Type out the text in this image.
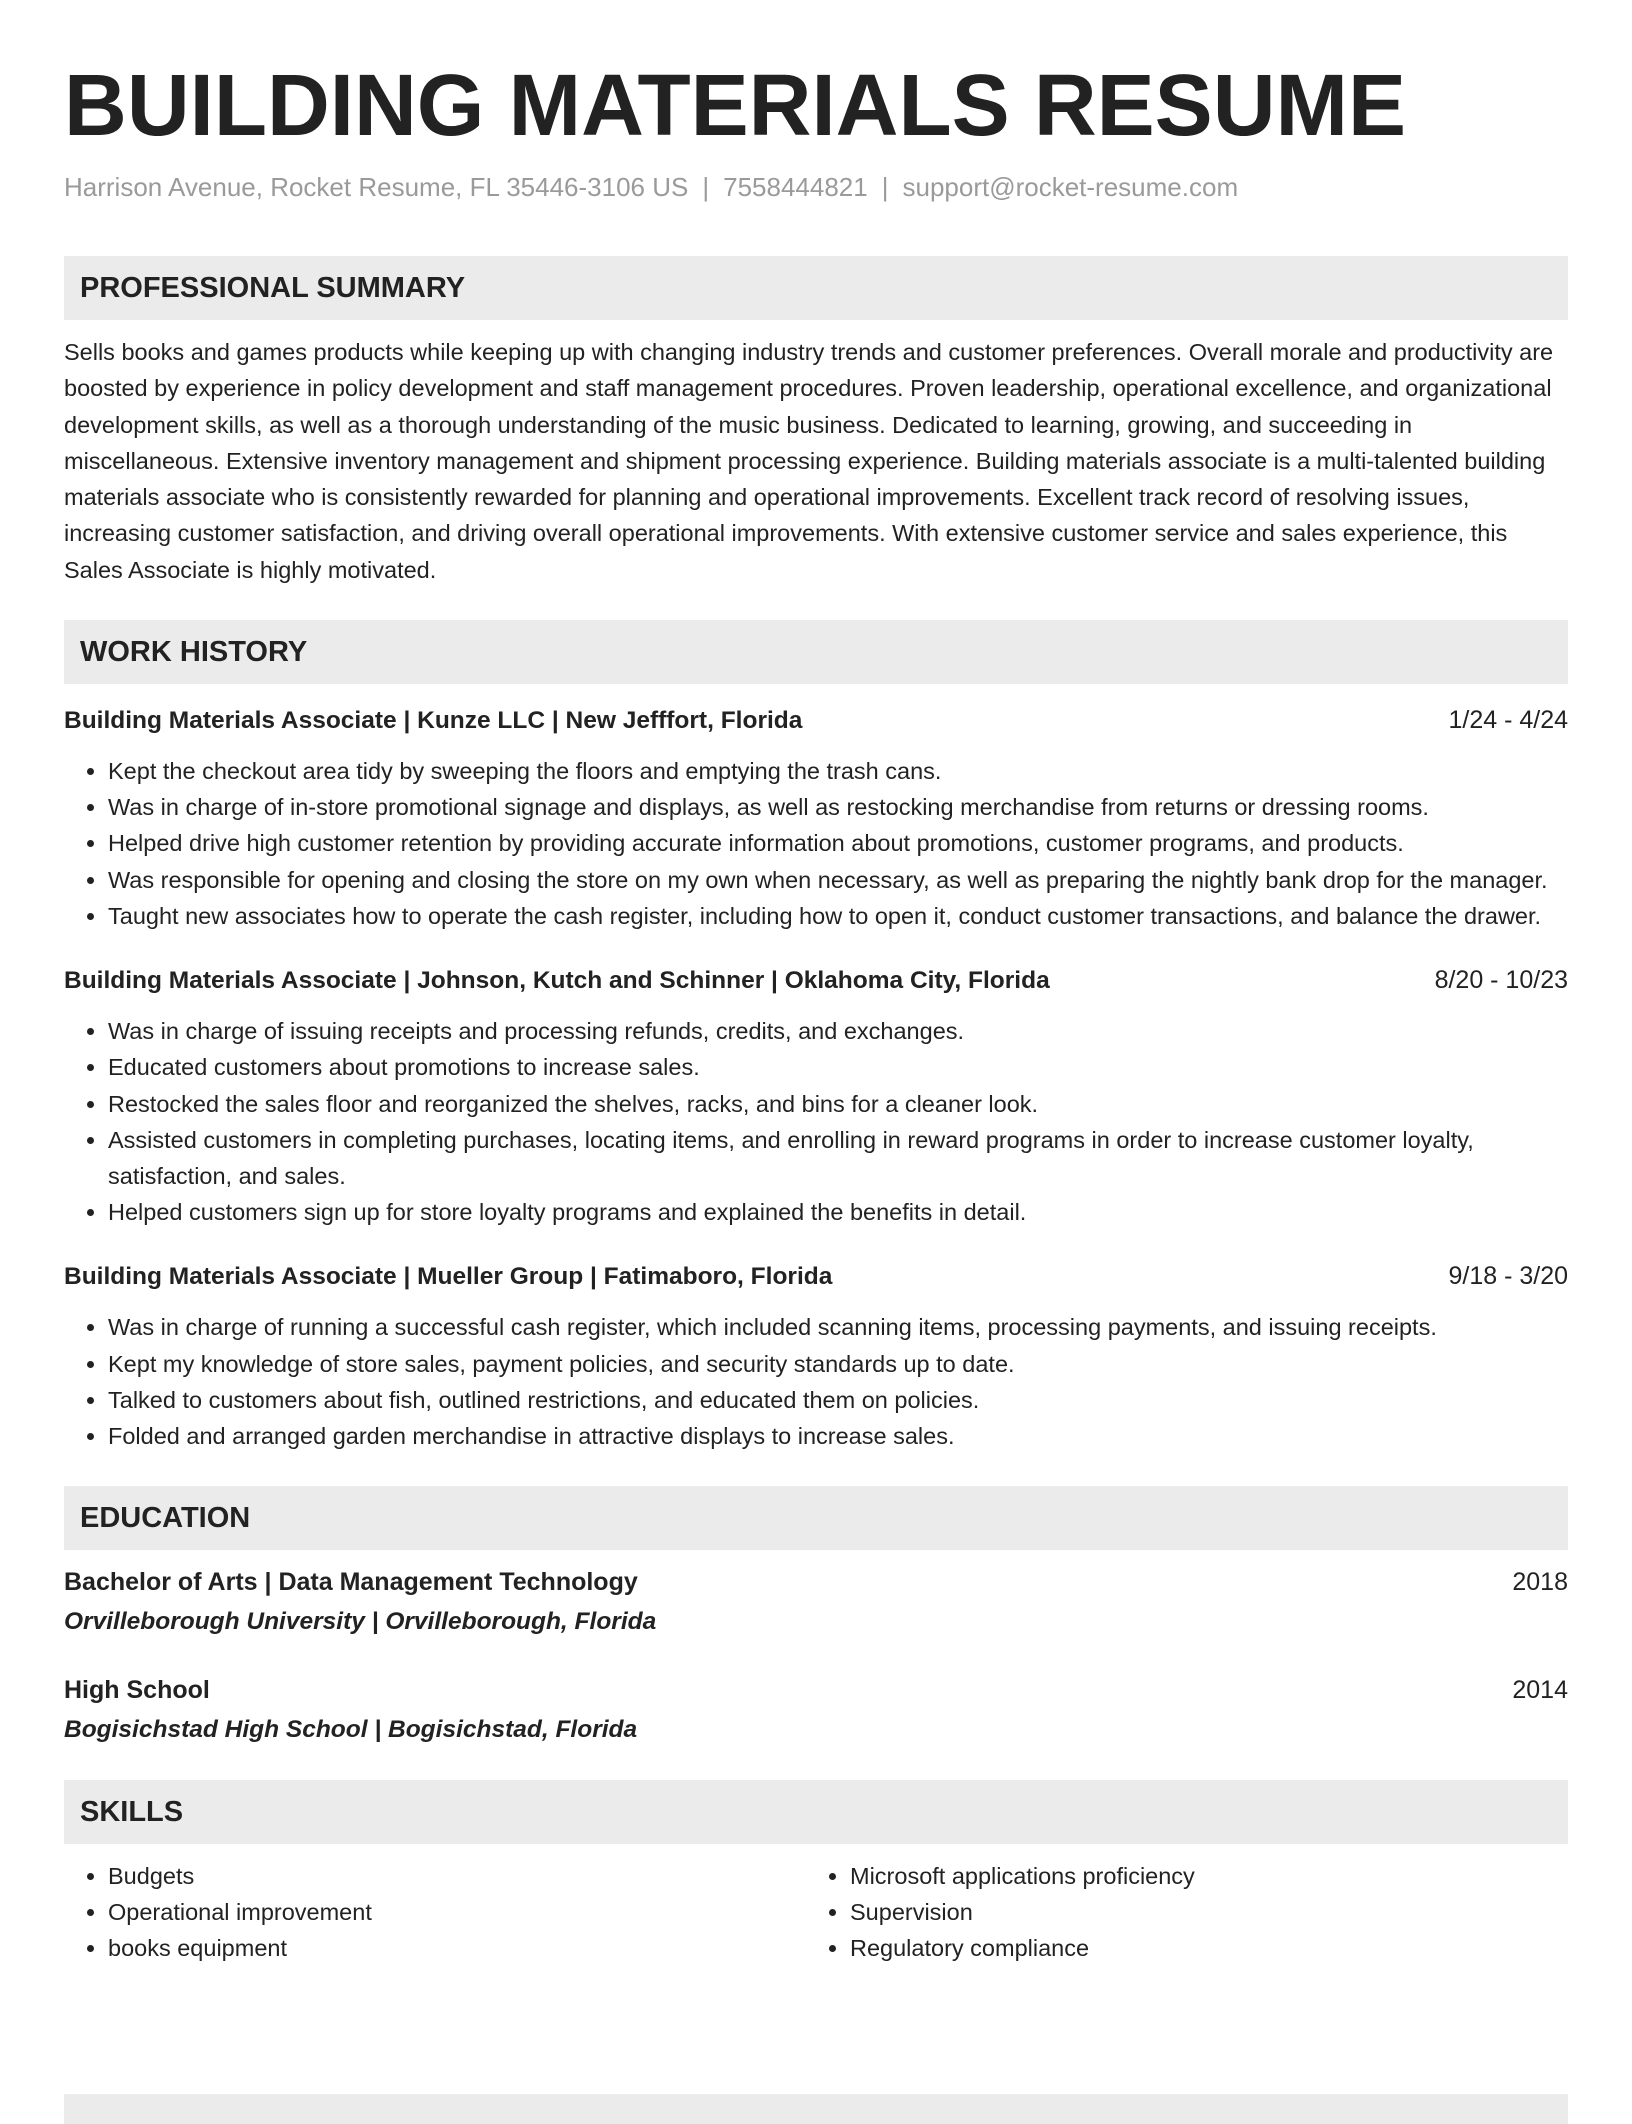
BUILDING MATERIALS RESUME
Harrison Avenue, Rocket Resume, FL 35446-3106 US | 7558444821 | support@rocket-resume.com
PROFESSIONAL SUMMARY
Sells books and games products while keeping up with changing industry trends and customer preferences. Overall morale and productivity are boosted by experience in policy development and staff management procedures. Proven leadership, operational excellence, and organizational development skills, as well as a thorough understanding of the music business. Dedicated to learning, growing, and succeeding in miscellaneous. Extensive inventory management and shipment processing experience. Building materials associate is a multi-talented building materials associate who is consistently rewarded for planning and operational improvements. Excellent track record of resolving issues, increasing customer satisfaction, and driving overall operational improvements. With extensive customer service and sales experience, this Sales Associate is highly motivated.
WORK HISTORY
Building Materials Associate | Kunze LLC | New Jefffort, Florida	1/24 - 4/24
• Kept the checkout area tidy by sweeping the floors and emptying the trash cans.
• Was in charge of in-store promotional signage and displays, as well as restocking merchandise from returns or dressing rooms.
• Helped drive high customer retention by providing accurate information about promotions, customer programs, and products.
• Was responsible for opening and closing the store on my own when necessary, as well as preparing the nightly bank drop for the manager.
• Taught new associates how to operate the cash register, including how to open it, conduct customer transactions, and balance the drawer.
Building Materials Associate | Johnson, Kutch and Schinner | Oklahoma City, Florida	8/20 - 10/23
• Was in charge of issuing receipts and processing refunds, credits, and exchanges.
• Educated customers about promotions to increase sales.
• Restocked the sales floor and reorganized the shelves, racks, and bins for a cleaner look.
• Assisted customers in completing purchases, locating items, and enrolling in reward programs in order to increase customer loyalty, satisfaction, and sales.
• Helped customers sign up for store loyalty programs and explained the benefits in detail.
Building Materials Associate | Mueller Group | Fatimaboro, Florida	9/18 - 3/20
• Was in charge of running a successful cash register, which included scanning items, processing payments, and issuing receipts.
• Kept my knowledge of store sales, payment policies, and security standards up to date.
• Talked to customers about fish, outlined restrictions, and educated them on policies.
• Folded and arranged garden merchandise in attractive displays to increase sales.
EDUCATION
Bachelor of Arts | Data Management Technology	2018
Orvilleborough University | Orvilleborough, Florida
High School	2014
Bogisichstad High School | Bogisichstad, Florida
SKILLS
• Budgets
• Operational improvement
• books equipment
• Microsoft applications proficiency
• Supervision
• Regulatory compliance
